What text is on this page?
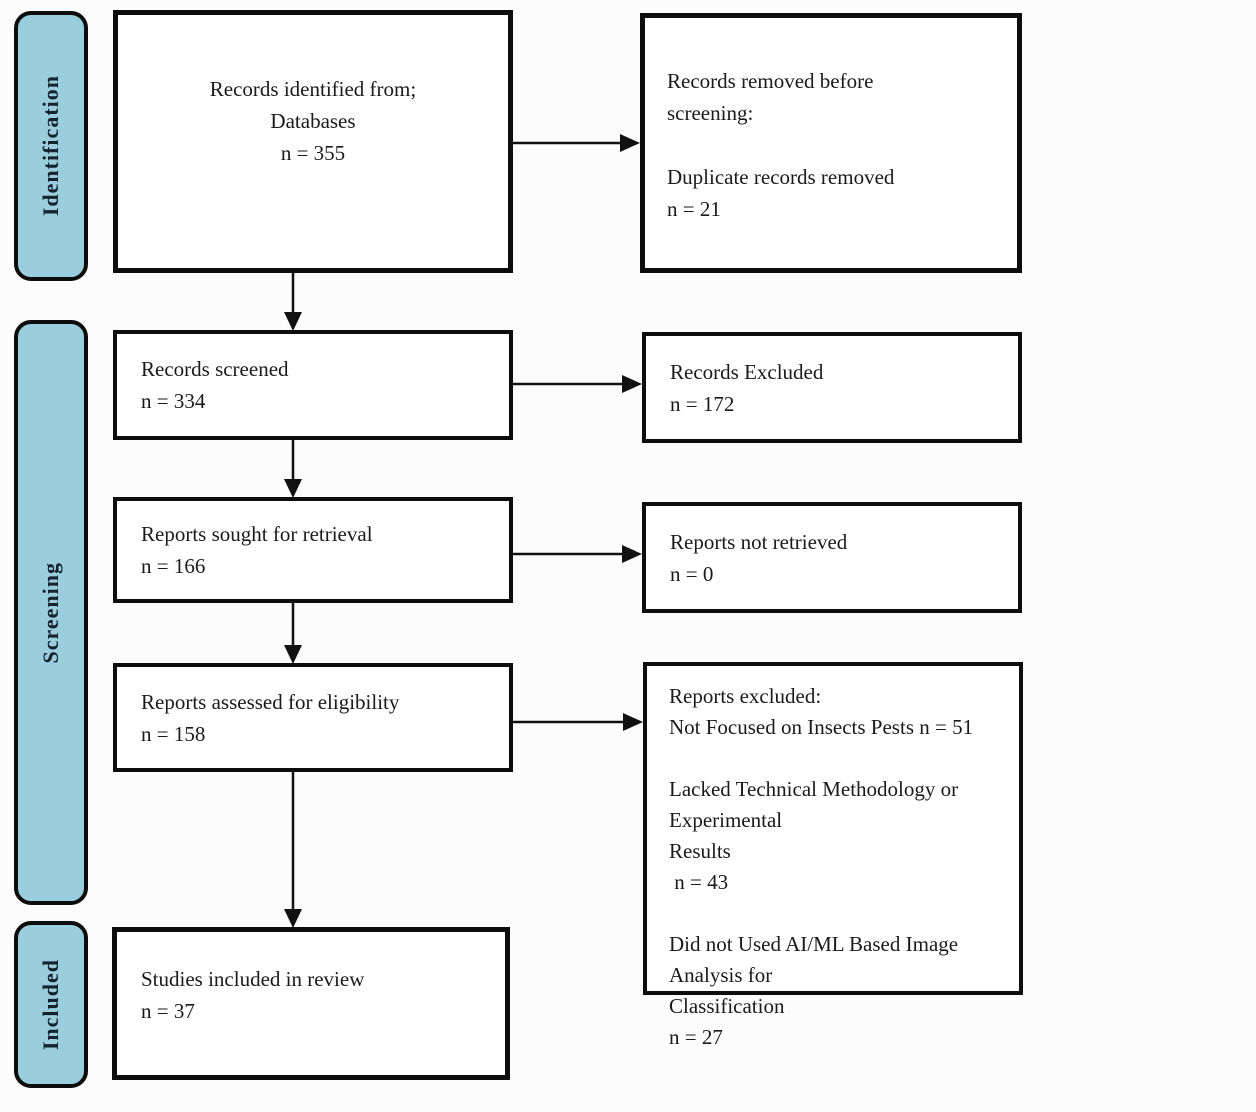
Identification
Screening
Included
Records identified from;
Databases
n = 355
Records removed before
screening:
Duplicate records removed
n = 21
Records screened
n = 334
Records Excluded
n = 172
Reports sought for retrieval
n = 166
Reports not retrieved
n = 0
Reports assessed for eligibility
n = 158
Reports excluded:
Not Focused on Insects Pests n = 51
Lacked Technical Methodology or Experimental
Results
n = 43
Did not Used AI/ML Based Image Analysis for
Classification
n = 27
Studies included in review
n = 37
